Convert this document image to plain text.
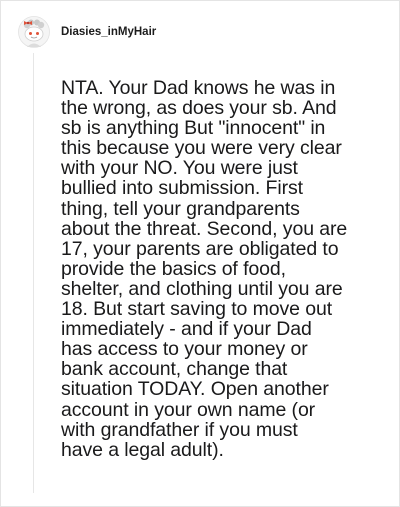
Diasies_inMyHair
NTA. Your Dad knows he was in
the wrong, as does your sb. And
sb is anything But "innocent" in
this because you were very clear
with your NO. You were just
bullied into submission. First
thing, tell your grandparents
about the threat. Second, you are
17, your parents are obligated to
provide the basics of food,
shelter, and clothing until you are
18. But start saving to move out
immediately - and if your Dad
has access to your money or
bank account, change that
situation TODAY. Open another
account in your own name (or
with grandfather if you must
have a legal adult).
